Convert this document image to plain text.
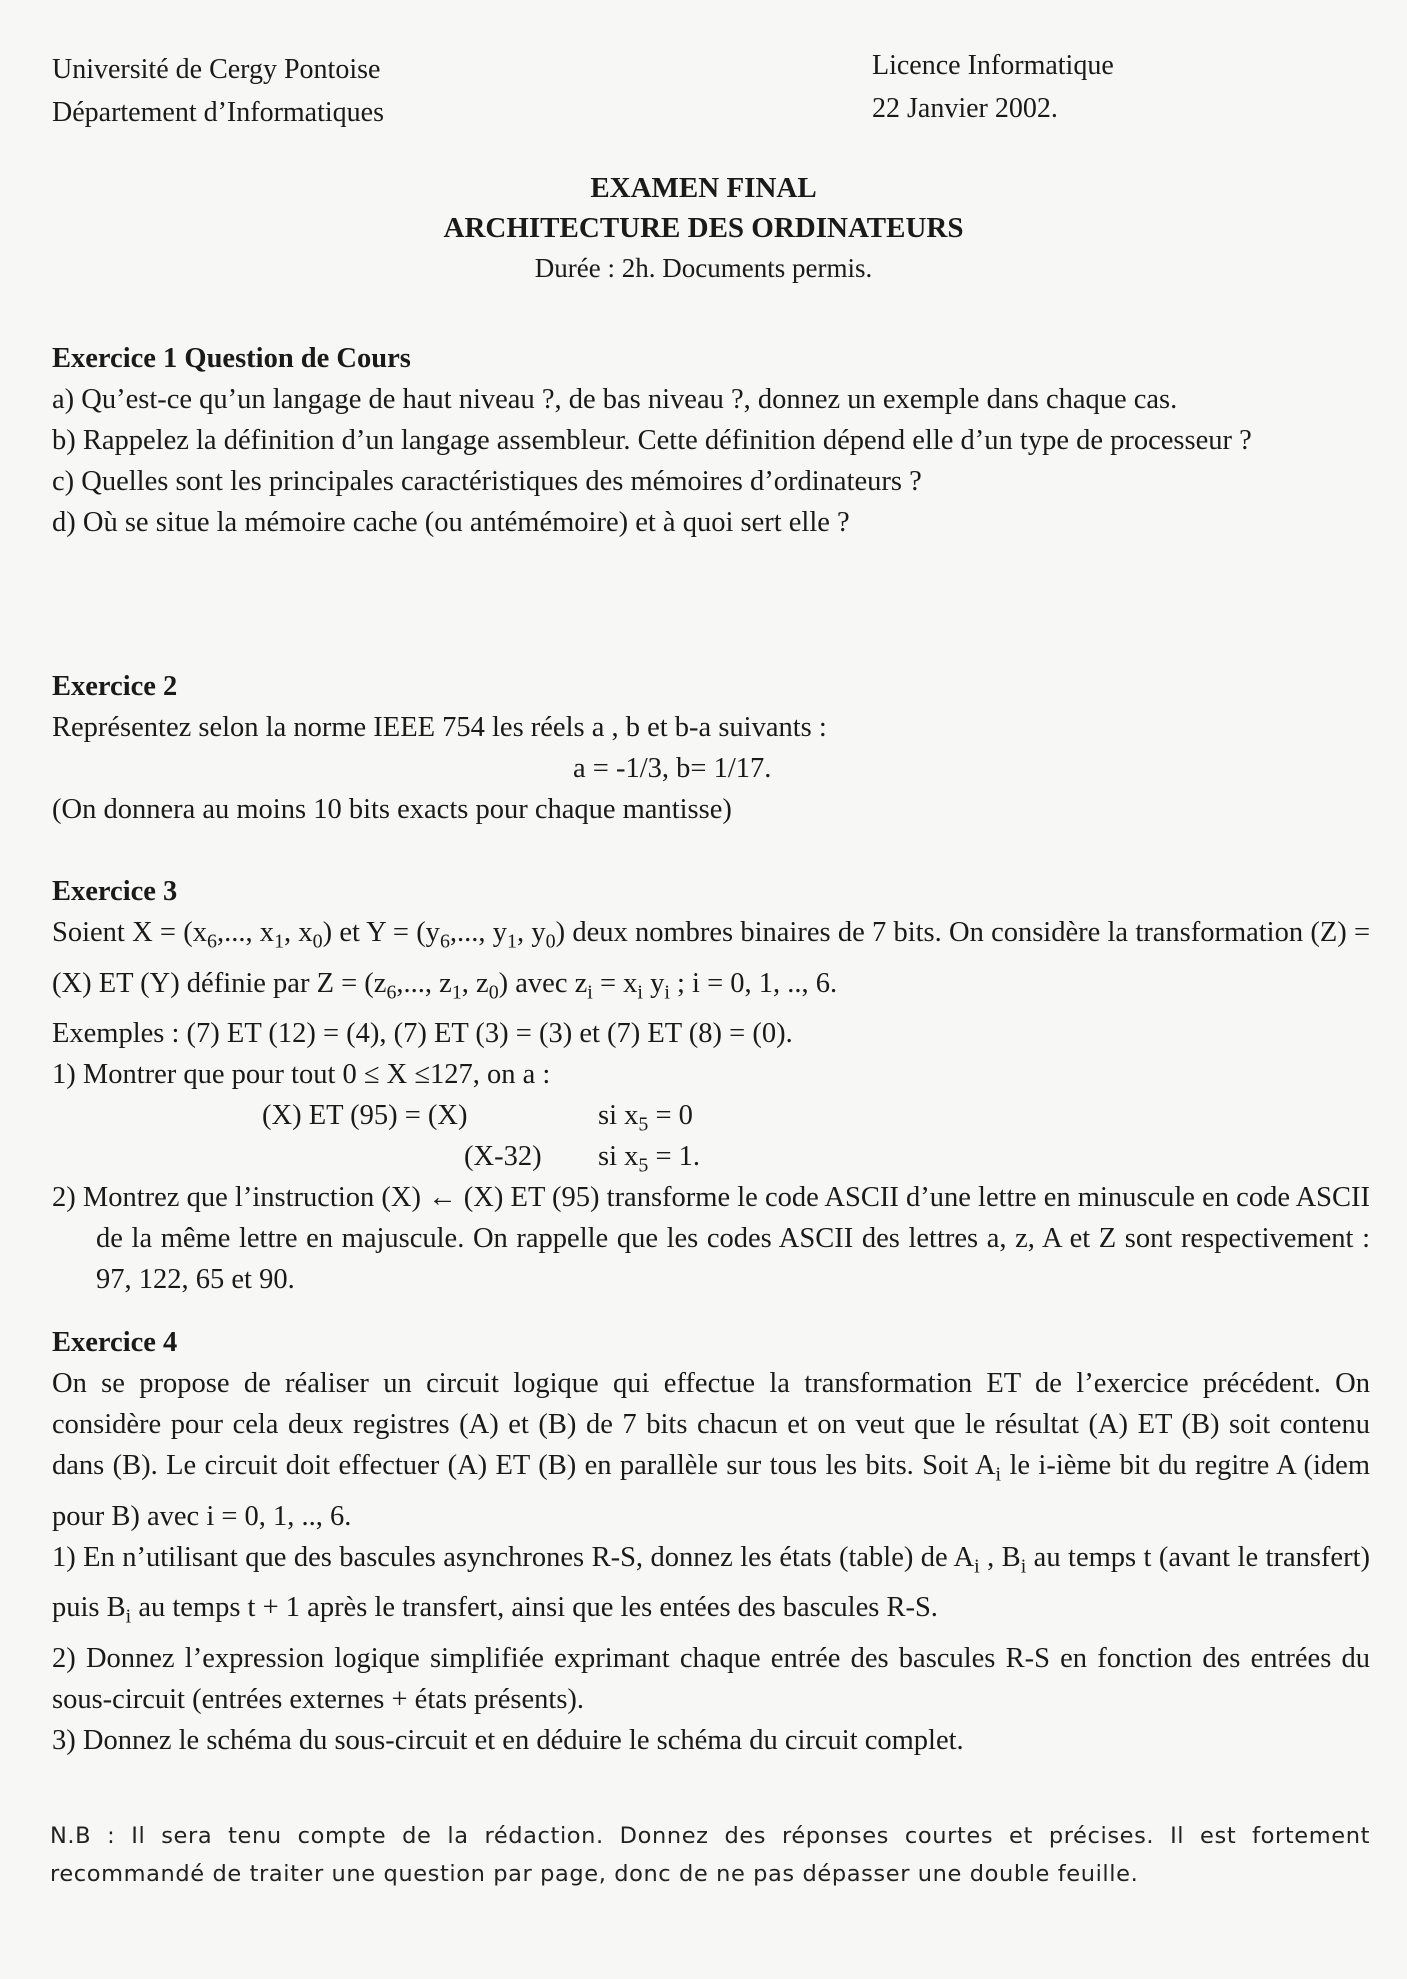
Université de Cergy Pontoise
Département d’Informatiques
Licence Informatique
22 Janvier 2002.
EXAMEN FINAL
ARCHITECTURE DES ORDINATEURS
Durée : 2h. Documents permis.
Exercice 1 Question de Cours
a) Qu’est-ce qu’un langage de haut niveau ?, de bas niveau ?, donnez un exemple dans chaque cas.
b) Rappelez la définition d’un langage assembleur. Cette définition dépend elle d’un type de processeur ?
c) Quelles sont les principales caractéristiques des mémoires d’ordinateurs ?
d) Où se situe la mémoire cache (ou antémémoire) et à quoi sert elle ?
Exercice 2
Représentez selon la norme IEEE 754 les réels a , b et b-a suivants :
a = -1/3, b= 1/17.
(On donnera au moins 10 bits exacts pour chaque mantisse)
Exercice 3
Soient $X = (x_6$,..., $x_1$, $x_0$) et $Y = (y_6$,..., $y_1$, $y_0$) deux nombres binaires de 7 bits. On considère la transformation (Z) = (X) ET (Y) définie par $Z = (z_6$,..., $z_1$, $z_0$) avec $z_i = x_i$ $y_i$ ; i = 0, 1, .., 6.
Exemples : (7) ET (12) = (4), (7) ET (3) = (3) et (7) ET (8) = (0).
1) Montrer que pour tout 0 ≤ X ≤127, on a :
(X) ET (95) = (X)	si $x_5 = 0$
(X-32) si $x_5 = 1$.
2) Montrez que l’instruction (X) ← (X) ET (95) transforme le code ASCII d’une lettre en minuscule en code ASCII de la même lettre en majuscule. On rappelle que les codes ASCII des lettres a, z, A et Z sont respectivement : 97, 122, 65 et 90.
Exercice 4
On se propose de réaliser un circuit logique qui effectue la transformation ET de l’exercice précédent. On considère pour cela deux registres (A) et (B) de 7 bits chacun et on veut que le résultat (A) ET (B) soit contenu dans (B). Le circuit doit effectuer (A) ET (B) en parallèle sur tous les bits. Soit $A_i$ le i-ième bit du regitre A (idem pour B) avec i = 0, 1, .., 6.
1) En n’utilisant que des bascules asynchrones R-S, donnez les états (table) de $A_i$ , $B_i$ au temps t (avant le transfert) puis $B_i$ au temps t + 1 après le transfert, ainsi que les entées des bascules R-S.
2) Donnez l’expression logique simplifiée exprimant chaque entrée des bascules R-S en fonction des entrées du sous-circuit (entrées externes + états présents).
3) Donnez le schéma du sous-circuit et en déduire le schéma du circuit complet.
N.B : Il sera tenu compte de la rédaction. Donnez des réponses courtes et précises. Il est fortement recommandé de traiter une question par page, donc de ne pas dépasser une double feuille.
